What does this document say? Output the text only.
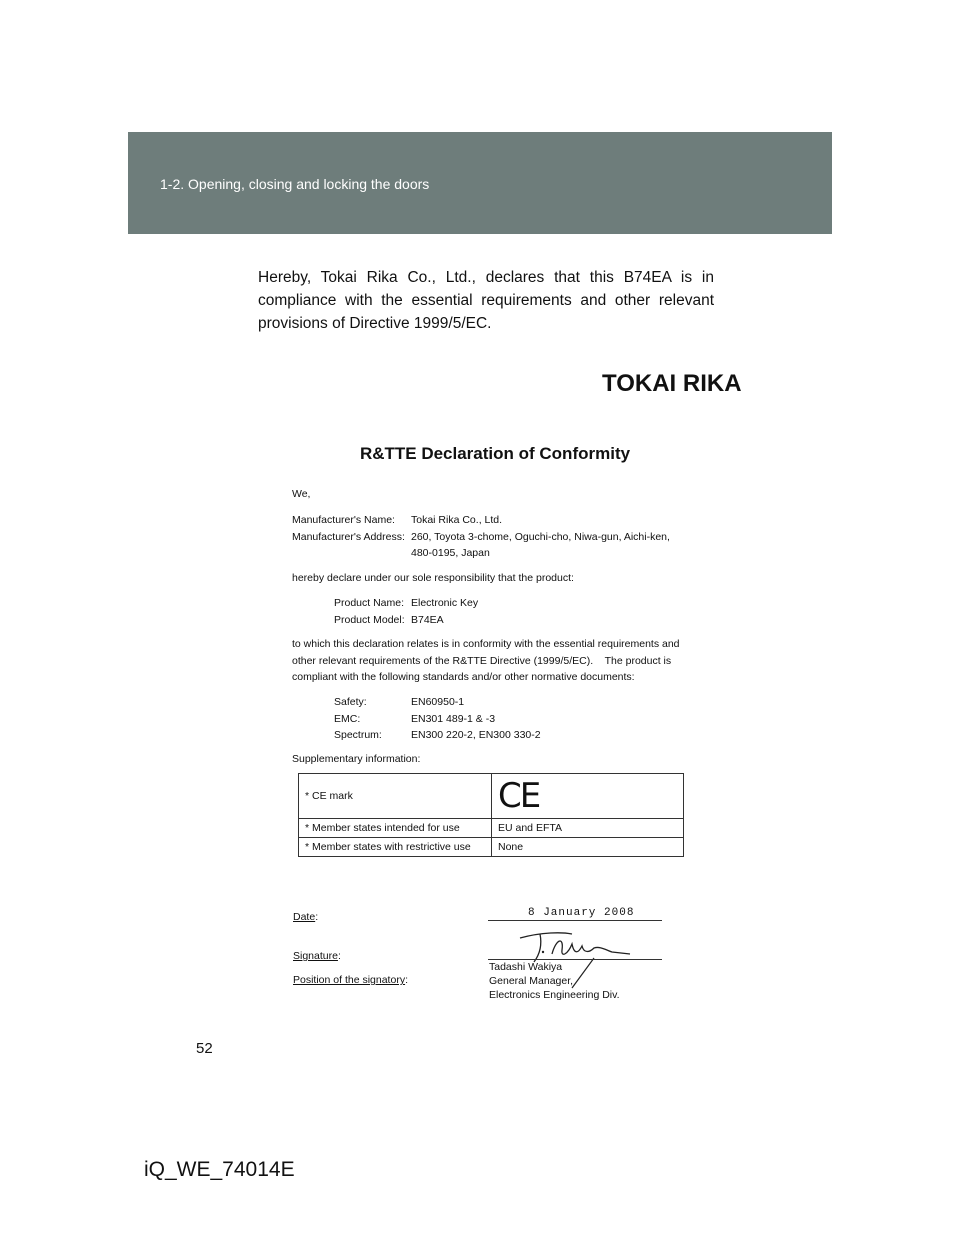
1-2. Opening, closing and locking the doors
Hereby, Tokai Rika Co., Ltd., declares that this B74EA is in compliance with the essential requirements and other relevant provisions of Directive 1999/5/EC.
TOKAI RIKA
R&TTE Declaration of Conformity
We,
Manufacturer's Name: Tokai Rika Co., Ltd.
Manufacturer's Address: 260, Toyota 3-chome, Oguchi-cho, Niwa-gun, Aichi-ken,
480-0195, Japan
hereby declare under our sole responsibility that the product:
Product Name: Electronic Key
Product Model: B74EA
to which this declaration relates is in conformity with the essential requirements and
other relevant requirements of the R&TTE Directive (1999/5/EC).    The product is
compliant with the following standards and/or other normative documents:
Safety:	EN60950-1
EMC:	EN301 489-1 & -3
Spectrum:	EN300 220-2, EN300 330-2
Supplementary information:
* CE mark	CE
* Member states intended for use	EU and EFTA
* Member states with restrictive use	None
Date:	8 January 2008
Signature:
Position of the signatory:
Tadashi Wakiya
General Manager,
Electronics Engineering Div.
52
iQ_WE_74014E
